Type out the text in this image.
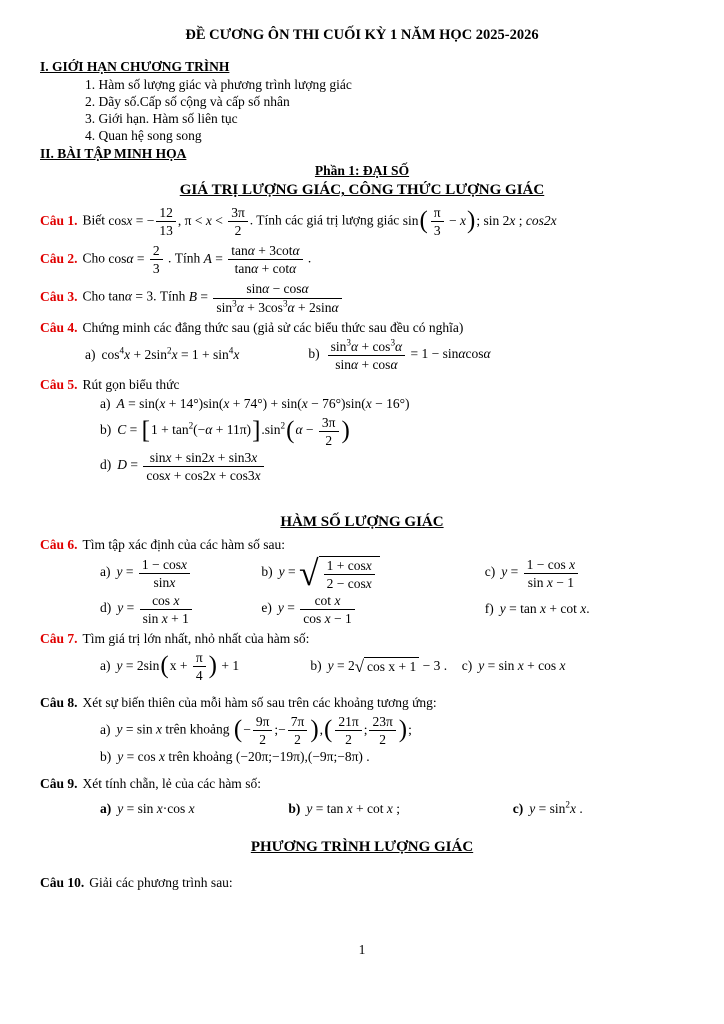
ĐỀ CƯƠNG ÔN THI CUỐI KỲ 1 NĂM HỌC 2025-2026
I. GIỚI HẠN CHƯƠNG TRÌNH
1. Hàm số lượng giác và phương trình lượng giác
2. Dãy số.Cấp số cộng và cấp số nhân
3. Giới hạn. Hàm số liên tục
4. Quan hệ song song
II. BÀI TẬP MINH HỌA
Phần 1: ĐẠI SỐ
GIÁ TRỊ LƯỢNG GIÁC, CÔNG THỨC LƯỢNG GIÁC
Câu 1. Biết cosx = − $\frac{12}{13}$ , $\pi < x < \frac{3\pi}{2}$ . Tính các giá trị lượng giác $\sin( \frac{\pi}{3} - x)$; sin 2x ; cos2x
Câu 2. Cho $\cos\alpha = \frac{2}{3}$ . Tính $A = \frac{\tan\alpha + 3\cot\alpha}{\tan\alpha + \cot\alpha}$ .
Câu 3. Cho tanα = 3. Tính $B = \frac{\sin\alpha - \cos\alpha}{\sin^3\alpha + 3\cos^3\alpha + 2\sin\alpha}$
Câu 4. Chứng minh các đẳng thức sau (giả sử các biểu thức sau đều có nghĩa)
a) $\cos^4x + 2\sin^2x = 1 + \sin^4x$	$b) \frac{\sin^3\alpha + \cos^3\alpha}{\sin\alpha + \cos\alpha} = 1 - \sin\alpha\cos\alpha$
Câu 5. Rút gọn biểu thức
a) A = sin(x + 14°)sin(x + 74°) + sin(x − 76°)sin(x − 16°)
b) $C = [1 + \tan^2(-\alpha + 11\pi)].\sin^2(\alpha - \frac{3\pi}{2}$ )
d) $D = \frac{\sin x + \sin 2x + \sin 3x}{\cos x + \cos 2x + \cos 3x}$
HÀM SỐ LƯỢNG GIÁC
Câu 6. Tìm tập xác định của các hàm số sau:
a) $y = \frac{1 - \cos x}{\sin x}$	b) y = √ $\frac{1 + \cos x}{2 - \cos x}$	c) $y = \frac{\text{1 − cos x}}{\text{sin x − 1}}$
d) $y = \frac{\text{cos x}}{\text{sin x + 1}}$	e) $y = \frac{\text{cot x}}{\text{cos x − 1}}$	f) y = tan x + cot x.
Câu 7. Tìm giá trị lớn nhất, nhỏ nhất của hàm số:
a) $y = 2\sin(x + \frac{\pi}{4}$ ) + 1	b) y = 2 √ cos x + 1 − 3 . c) y = sin x + cos x
Câu 8. Xét sự biến thiên của mỗi hàm số sau trên các khoảng tương ứng:
a) y = sin x trên khoảng (− $\frac{9\pi}{2}$ ;− $\frac{7\pi}{2}$ ),( $\frac{21\pi}{2}$ ; $\frac{23\pi}{2}$ );
b) y = cos x trên khoảng (−20π;−19π),(−9π;−8π) .
Câu 9. Xét tính chẵn, lẻ của các hàm số:
a) y = sin x·cos x	b) y = tan x + cot x ;	c) $y = \sin^2x$ .
PHƯƠNG TRÌNH LƯỢNG GIÁC
Câu 10. Giải các phương trình sau:
1
